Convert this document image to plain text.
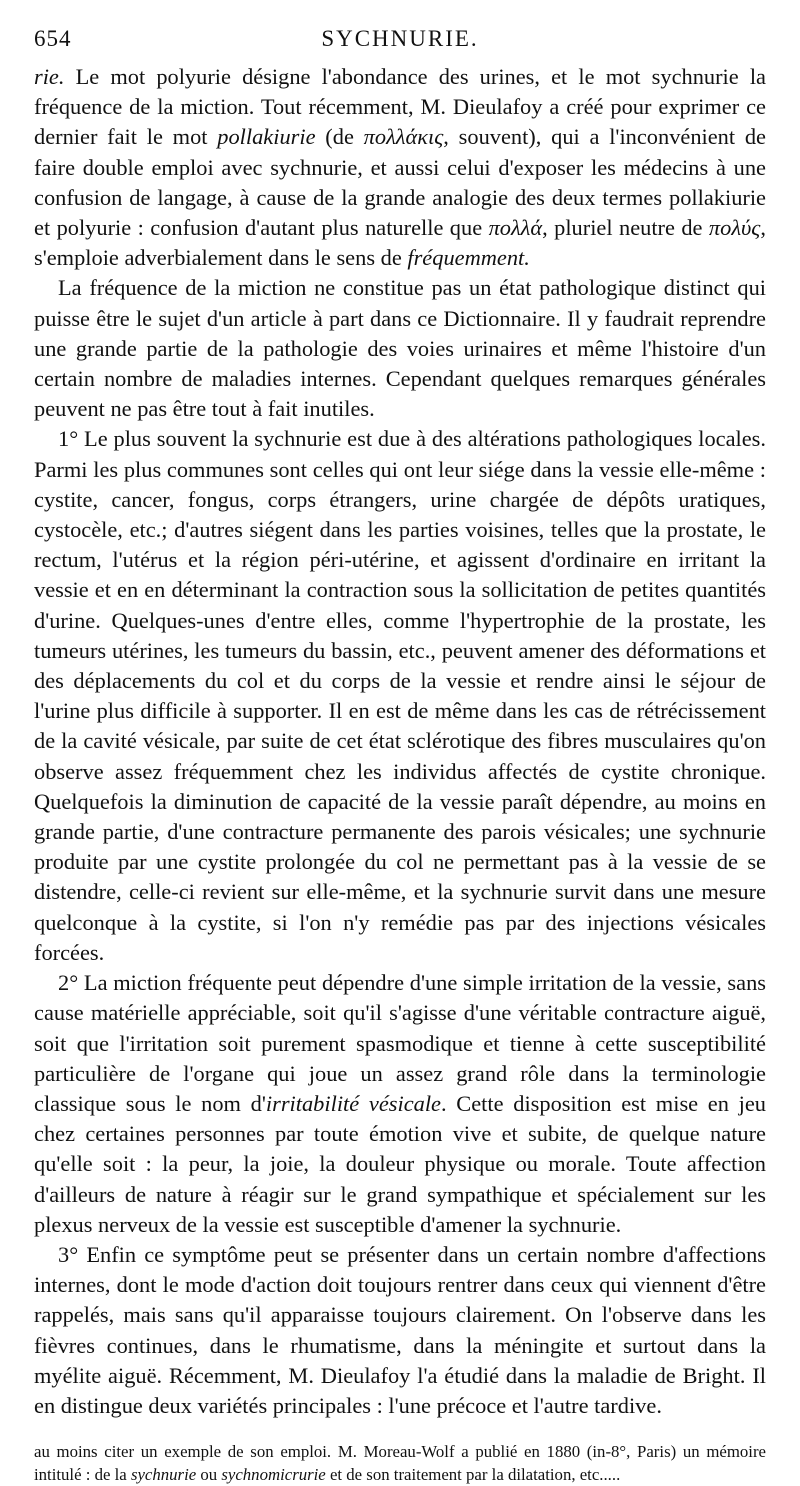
654	SYCHNURIE.

rie. Le mot polyurie désigne l'abondance des urines, et le mot sychnurie la fréquence de la miction. Tout récemment, M. Dieulafoy a créé pour exprimer ce dernier fait le mot pollakiurie (de πολλάκις, souvent), qui a l'inconvénient de faire double emploi avec sychnurie, et aussi celui d'exposer les médecins à une confusion de langage, à cause de la grande analogie des deux termes pollakiurie et polyurie : confusion d'autant plus naturelle que πολλά, pluriel neutre de πολύς, s'emploie adverbialement dans le sens de fréquemment.

La fréquence de la miction ne constitue pas un état pathologique distinct qui puisse être le sujet d'un article à part dans ce Dictionnaire. Il y faudrait reprendre une grande partie de la pathologie des voies urinaires et même l'histoire d'un certain nombre de maladies internes. Cependant quelques remarques générales peuvent ne pas être tout à fait inutiles.

1° Le plus souvent la sychnurie est due à des altérations pathologiques locales. Parmi les plus communes sont celles qui ont leur siége dans la vessie elle-même : cystite, cancer, fongus, corps étrangers, urine chargée de dépôts uratiques, cystocèle, etc.; d'autres siégent dans les parties voisines, telles que la prostate, le rectum, l'utérus et la région péri-utérine, et agissent d'ordinaire en irritant la vessie et en en déterminant la contraction sous la sollicitation de petites quantités d'urine. Quelques-unes d'entre elles, comme l'hypertrophie de la prostate, les tumeurs utérines, les tumeurs du bassin, etc., peuvent amener des déformations et des déplacements du col et du corps de la vessie et rendre ainsi le séjour de l'urine plus difficile à supporter. Il en est de même dans les cas de rétrécissement de la cavité vésicale, par suite de cet état sclérotique des fibres musculaires qu'on observe assez fréquemment chez les individus affectés de cystite chronique. Quelquefois la diminution de capacité de la vessie paraît dépendre, au moins en grande partie, d'une contracture permanente des parois vésicales; une sychnurie produite par une cystite prolongée du col ne permettant pas à la vessie de se distendre, celle-ci revient sur elle-même, et la sychnurie survit dans une mesure quelconque à la cystite, si l'on n'y remédie pas par des injections vésicales forcées.

2° La miction fréquente peut dépendre d'une simple irritation de la vessie, sans cause matérielle appréciable, soit qu'il s'agisse d'une véritable contracture aiguë, soit que l'irritation soit purement spasmodique et tienne à cette susceptibilité particulière de l'organe qui joue un assez grand rôle dans la terminologie classique sous le nom d'irritabilité vésicale. Cette disposition est mise en jeu chez certaines personnes par toute émotion vive et subite, de quelque nature qu'elle soit : la peur, la joie, la douleur physique ou morale. Toute affection d'ailleurs de nature à réagir sur le grand sympathique et spécialement sur les plexus nerveux de la vessie est susceptible d'amener la sychnurie.

3° Enfin ce symptôme peut se présenter dans un certain nombre d'affections internes, dont le mode d'action doit toujours rentrer dans ceux qui viennent d'être rappelés, mais sans qu'il apparaisse toujours clairement. On l'observe dans les fièvres continues, dans le rhumatisme, dans la méningite et surtout dans la myélite aiguë. Récemment, M. Dieulafoy l'a étudié dans la maladie de Bright. Il en distingue deux variétés principales : l'une précoce et l'autre tardive.

au moins citer un exemple de son emploi. M. Moreau-Wolf a publié en 1880 (in-8°, Paris) un mémoire intitulé : de la sychnurie ou sychnomicrurie et de son traitement par la dilatation, etc.....
